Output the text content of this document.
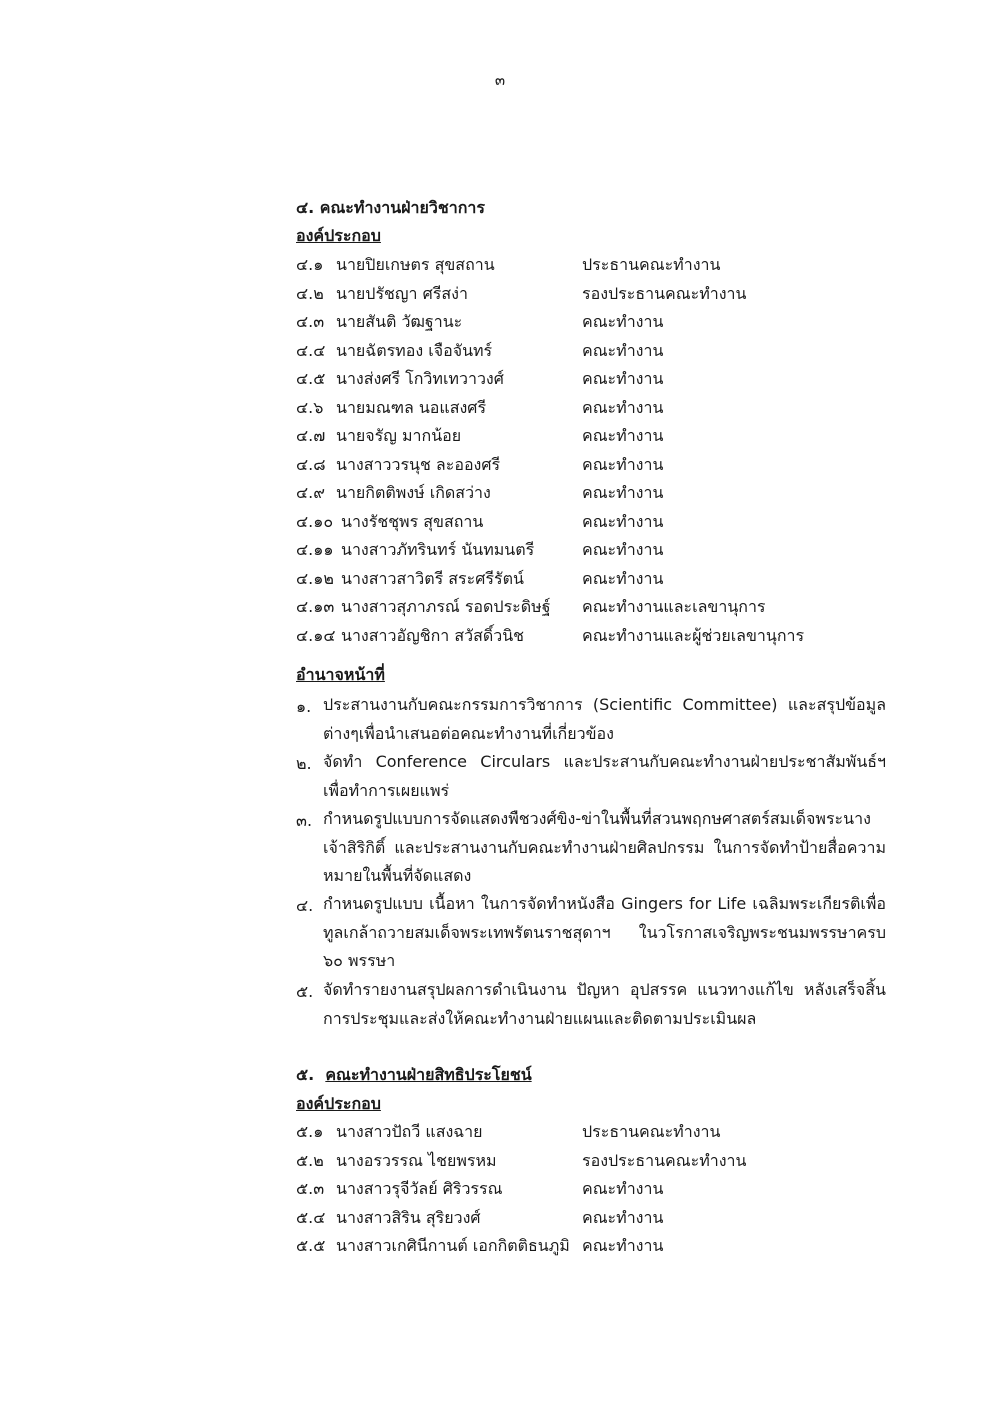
๓
๔. คณะทำงานฝ่ายวิชาการ
องค์ประกอบ
๔.๑ นายปิยเกษตร สุขสถาน	ประธานคณะทำงาน
๔.๒ นายปรัชญา ศรีสง่า	รองประธานคณะทำงาน
๔.๓ นายสันติ วัฒฐานะ	คณะทำงาน
๔.๔ นายฉัตรทอง เจือจันทร์	คณะทำงาน
๔.๕ นางส่งศรี โกวิทเทวาวงศ์	คณะทำงาน
๔.๖ นายมณฑล นอแสงศรี	คณะทำงาน
๔.๗ นายจรัญ มากน้อย	คณะทำงาน
๔.๘ นางสาววรนุช ละอองศรี	คณะทำงาน
๔.๙ นายกิตติพงษ์ เกิดสว่าง	คณะทำงาน
๔.๑๐ นางรัชชุพร สุขสถาน	คณะทำงาน
๔.๑๑ นางสาวภัทรินทร์ นันทมนตรี	คณะทำงาน
๔.๑๒ นางสาวสาวิตรี สระศรีรัตน์	คณะทำงาน
๔.๑๓ นางสาวสุภาภรณ์ รอดประดิษฐ์ คณะทำงานและเลขานุการ
๔.๑๔ นางสาวอัญชิกา สวัสดิ์วนิช	คณะทำงานและผู้ช่วยเลขานุการ
อำนาจหน้าที่
๑. ประสานงานกับคณะกรรมการวิชาการ (Scientific Committee) และสรุปข้อมูลต่างๆเพื่อนำเสนอต่อคณะทำงานที่เกี่ยวข้อง
๒. จัดทำ Conference Circulars และประสานกับคณะทำงานฝ่ายประชาสัมพันธ์ฯ เพื่อทำการเผยแพร่
๓. กำหนดรูปแบบการจัดแสดงพืชวงศ์ขิง-ข่าในพื้นที่สวนพฤกษศาสตร์สมเด็จพระนางเจ้าสิริกิติ์ และประสานงานกับคณะทำงานฝ่ายศิลปกรรม ในการจัดทำป้ายสื่อความหมายในพื้นที่จัดแสดง
๔. กำหนดรูปแบบ เนื้อหา ในการจัดทำหนังสือ Gingers for Life เฉลิมพระเกียรติเพื่อทูลเกล้าถวายสมเด็จพระเทพรัตนราชสุดาฯ ในวโรกาสเจริญพระชนมพรรษาครบ ๖๐ พรรษา
๕. จัดทำรายงานสรุปผลการดำเนินงาน ปัญหา อุปสรรค แนวทางแก้ไข หลังเสร็จสิ้นการประชุมและส่งให้คณะทำงานฝ่ายแผนและติดตามประเมินผล
๕. คณะทำงานฝ่ายสิทธิประโยชน์
องค์ประกอบ
๕.๑ นางสาวปัถวี แสงฉาย	ประธานคณะทำงาน
๕.๒ นางอรวรรณ ไชยพรหม	รองประธานคณะทำงาน
๕.๓ นางสาวรุจีวัลย์ ศิริวรรณ	คณะทำงาน
๕.๔ นางสาวสิริน สุริยวงศ์	คณะทำงาน
๕.๕ นางสาวเกศินีกานต์ เอกกิตติธนภูมิ คณะทำงาน
